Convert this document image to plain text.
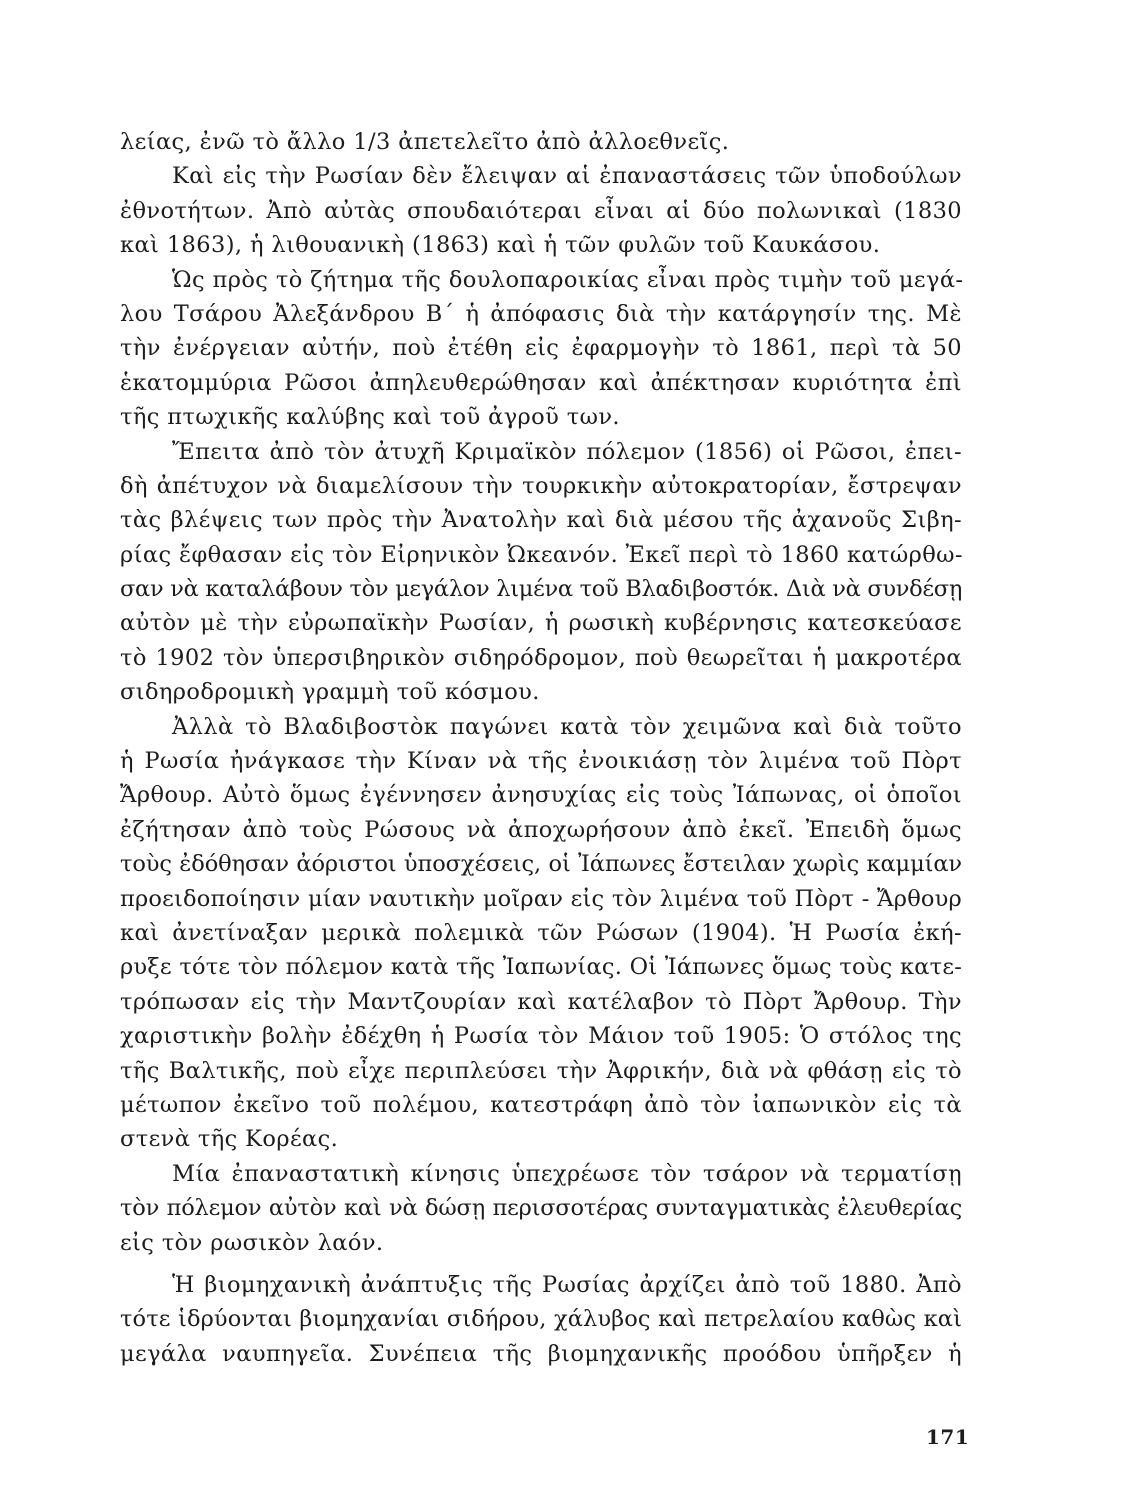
λείας, ἐνῶ τὸ ἄλλο 1/3 ἀπετελεῖτο ἀπὸ ἀλλοεθνεῖς.
Καὶ εἰς τὴν Ρωσίαν δὲν ἔλειψαν αἱ ἐπαναστάσεις τῶν ὑποδούλων
ἐθνοτήτων. Ἀπὸ αὐτὰς σπουδαιότεραι εἶναι αἱ δύο πολωνικαὶ (1830
καὶ 1863), ἡ λιθουανικὴ (1863) καὶ ἡ τῶν φυλῶν τοῦ Καυκάσου.
Ὡς πρὸς τὸ ζήτημα τῆς δουλοπαροικίας εἶναι πρὸς τιμὴν τοῦ μεγά-
λου Τσάρου Ἀλεξάνδρου Β΄ ἡ ἀπόφασις διὰ τὴν κατάργησίν της. Μὲ
τὴν ἐνέργειαν αὐτήν, ποὺ ἐτέθη εἰς ἐφαρμογὴν τὸ 1861, περὶ τὰ 50
ἑκατομμύρια Ρῶσοι ἀπηλευθερώθησαν καὶ ἀπέκτησαν κυριότητα ἐπὶ
τῆς πτωχικῆς καλύβης καὶ τοῦ ἀγροῦ των.
Ἔπειτα ἀπὸ τὸν ἀτυχῆ Κριμαϊκὸν πόλεμον (1856) οἱ Ρῶσοι, ἐπει-
δὴ ἀπέτυχον νὰ διαμελίσουν τὴν τουρκικὴν αὐτοκρατορίαν, ἔστρεψαν
τὰς βλέψεις των πρὸς τὴν Ἀνατολὴν καὶ διὰ μέσου τῆς ἀχανοῦς Σιβη-
ρίας ἔφθασαν εἰς τὸν Εἰρηνικὸν Ὠκεανόν. Ἐκεῖ περὶ τὸ 1860 κατώρθω-
σαν νὰ καταλάβουν τὸν μεγάλον λιμένα τοῦ Βλαδιβοστόκ. Διὰ νὰ συνδέσῃ
αὐτὸν μὲ τὴν εὐρωπαϊκὴν Ρωσίαν, ἡ ρωσικὴ κυβέρνησις κατεσκεύασε
τὸ 1902 τὸν ὑπερσιβηρικὸν σιδηρόδρομον, ποὺ θεωρεῖται ἡ μακροτέρα
σιδηροδρομικὴ γραμμὴ τοῦ κόσμου.
Ἀλλὰ τὸ Βλαδιβοστὸκ παγώνει κατὰ τὸν χειμῶνα καὶ διὰ τοῦτο
ἡ Ρωσία ἠνάγκασε τὴν Κίναν νὰ τῆς ἐνοικιάσῃ τὸν λιμένα τοῦ Πὸρτ
Ἄρθουρ. Αὐτὸ ὅμως ἐγέννησεν ἀνησυχίας εἰς τοὺς Ἰάπωνας, οἱ ὁποῖοι
ἐζήτησαν ἀπὸ τοὺς Ρώσους νὰ ἀποχωρήσουν ἀπὸ ἐκεῖ. Ἐπειδὴ ὅμως
τοὺς ἐδόθησαν ἀόριστοι ὑποσχέσεις, οἱ Ἰάπωνες ἔστειλαν χωρὶς καμμίαν
προειδοποίησιν μίαν ναυτικὴν μοῖραν εἰς τὸν λιμένα τοῦ Πὸρτ - Ἄρθουρ
καὶ ἀνετίναξαν μερικὰ πολεμικὰ τῶν Ρώσων (1904). Ἡ Ρωσία ἐκή-
ρυξε τότε τὸν πόλεμον κατὰ τῆς Ἰαπωνίας. Οἱ Ἰάπωνες ὅμως τοὺς κατε-
τρόπωσαν εἰς τὴν Μαντζουρίαν καὶ κατέλαβον τὸ Πὸρτ Ἄρθουρ. Τὴν
χαριστικὴν βολὴν ἐδέχθη ἡ Ρωσία τὸν Μάιον τοῦ 1905: Ὁ στόλος της
τῆς Βαλτικῆς, ποὺ εἶχε περιπλεύσει τὴν Ἀφρικήν, διὰ νὰ φθάσῃ εἰς τὸ
μέτωπον ἐκεῖνο τοῦ πολέμου, κατεστράφη ἀπὸ τὸν ἰαπωνικὸν εἰς τὰ
στενὰ τῆς Κορέας.
Μία ἐπαναστατικὴ κίνησις ὑπεχρέωσε τὸν τσάρον νὰ τερματίσῃ
τὸν πόλεμον αὐτὸν καὶ νὰ δώσῃ περισσοτέρας συνταγματικὰς ἐλευθερίας
εἰς τὸν ρωσικὸν λαόν.
Ἡ βιομηχανικὴ ἀνάπτυξις τῆς Ρωσίας ἀρχίζει ἀπὸ τοῦ 1880. Ἀπὸ
τότε ἱδρύονται βιομηχανίαι σιδήρου, χάλυβος καὶ πετρελαίου καθὼς καὶ
μεγάλα ναυπηγεῖα. Συνέπεια τῆς βιομηχανικῆς προόδου ὑπῆρξεν ἡ
171
